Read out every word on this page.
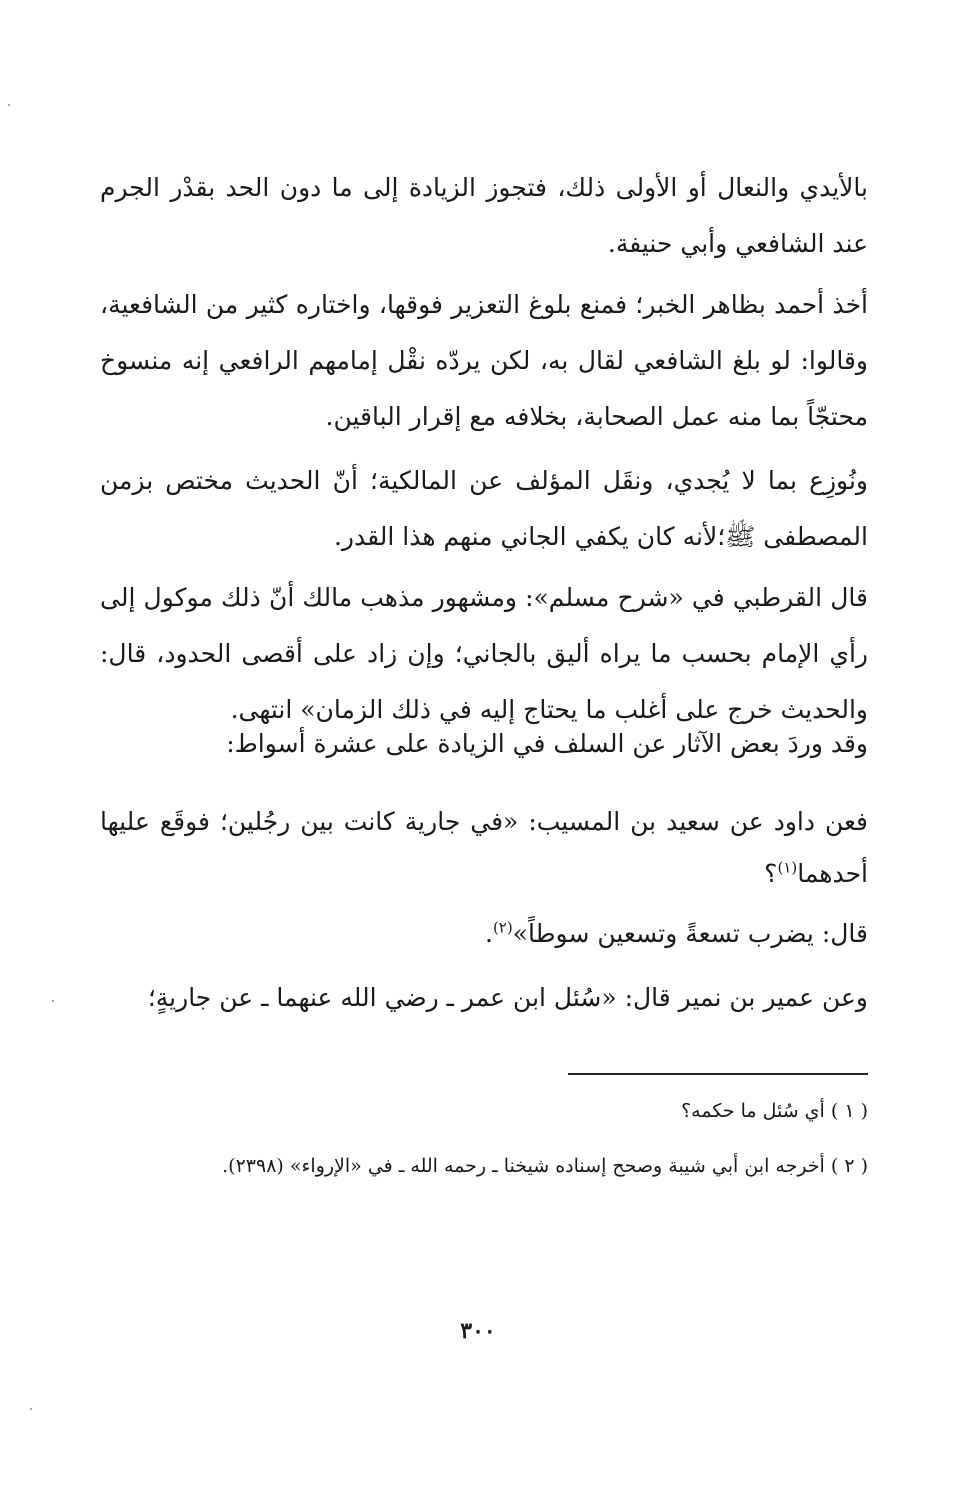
بالأيدي والنعال أو الأولى ذلك، فتجوز الزيادة إلى ما دون الحد بقدْر الجرم عند الشافعي وأبي حنيفة.

أخذ أحمد بظاهر الخبر؛ فمنع بلوغ التعزير فوقها، واختاره كثير من الشافعية، وقالوا: لو بلغ الشافعي لقال به، لكن يردّه نقْل إمامهم الرافعي إنه منسوخ محتجّاً بما منه عمل الصحابة، بخلافه مع إقرار الباقين.

ونُوزِع بما لا يُجدي، ونقَل المؤلف عن المالكية؛ أنّ الحديث مختص بزمن المصطفى ﷺ؛لأنه كان يكفي الجاني منهم هذا القدر.

قال القرطبي في «شرح مسلم»: ومشهور مذهب مالك أنّ ذلك موكول إلى رأي الإمام بحسب ما يراه أليق بالجاني؛ وإن زاد على أقصى الحدود، قال: والحديث خرج على أغلب ما يحتاج إليه في ذلك الزمان» انتهى.

وقد وردَ بعض الآثار عن السلف في الزيادة على عشرة أسواط:

فعن داود عن سعيد بن المسيب: «في جارية كانت بين رجُلين؛ فوقَع عليها أحدهما$^{(١)}$؟

قال: يضرب تسعةً وتسعين سوطاً»$^{(٢)}$.

وعن عمير بن نمير قال: «سُئل ابن عمر ـ رضي الله عنهما ـ عن جاريةٍ؛

( ١ ) أي سُئل ما حكمه؟

( ٢ ) أخرجه ابن أبي شيبة وصحح إسناده شيخنا ـ رحمه الله ـ في «الإرواء» (٢٣٩٨).

٣٠٠
